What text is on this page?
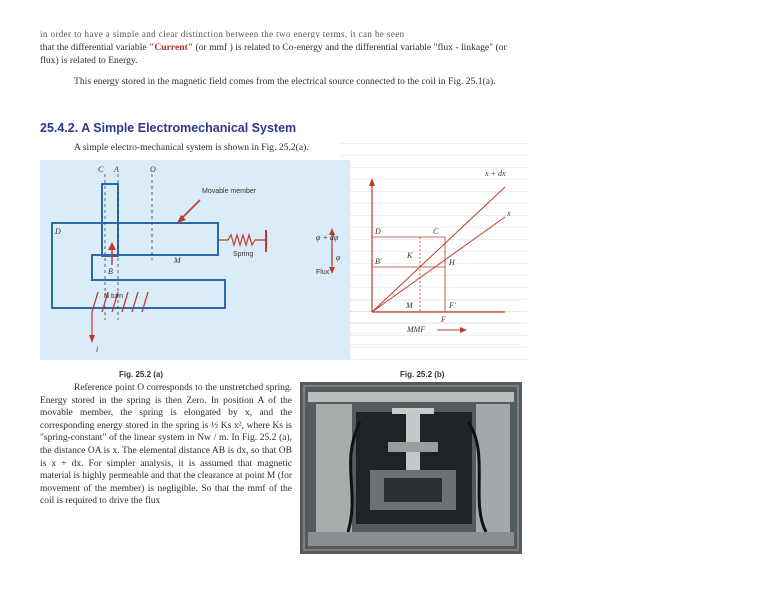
in order to have a simple and clear distinction between the two energy terms, it can be seen
that the differential variable "Current" (or mmf ) is related to Co-energy and the differential variable "flux - linkage" (or flux) is related to Energy.
This energy stored in the magnetic field comes from the electrical source connected to the coil in Fig. 25.1(a).
25.4.2. A Simple Electromechanical System
A simple electro-mechanical system is shown in Fig. 25.2(a).
C A	O
D
B
M
i
Movable member
Spring
N turn
φ + dφ
φ
Flux
x + dx
x
D	C
K
B'	H
M	F'
F
MMF
Fig. 25.2 (a)	Fig. 25.2 (b)
Reference point O corresponds to the unstretched spring. Energy stored in the spring is then Zero. In position A of the movable member, the spring is elongated by x, and the corresponding energy stored in the spring is ½ Ks x², where Ks is "spring-constant" of the linear system in Nw / m. In Fig. 25.2 (a), the distance OA is x. The elemental distance AB is dx, so that OB is x + dx. For simpler analysis, it is assumed that magnetic material is highly permeable and that the clearance at point M (for movement of the member) is negligible. So that the mmf of the coil is required to drive the flux
